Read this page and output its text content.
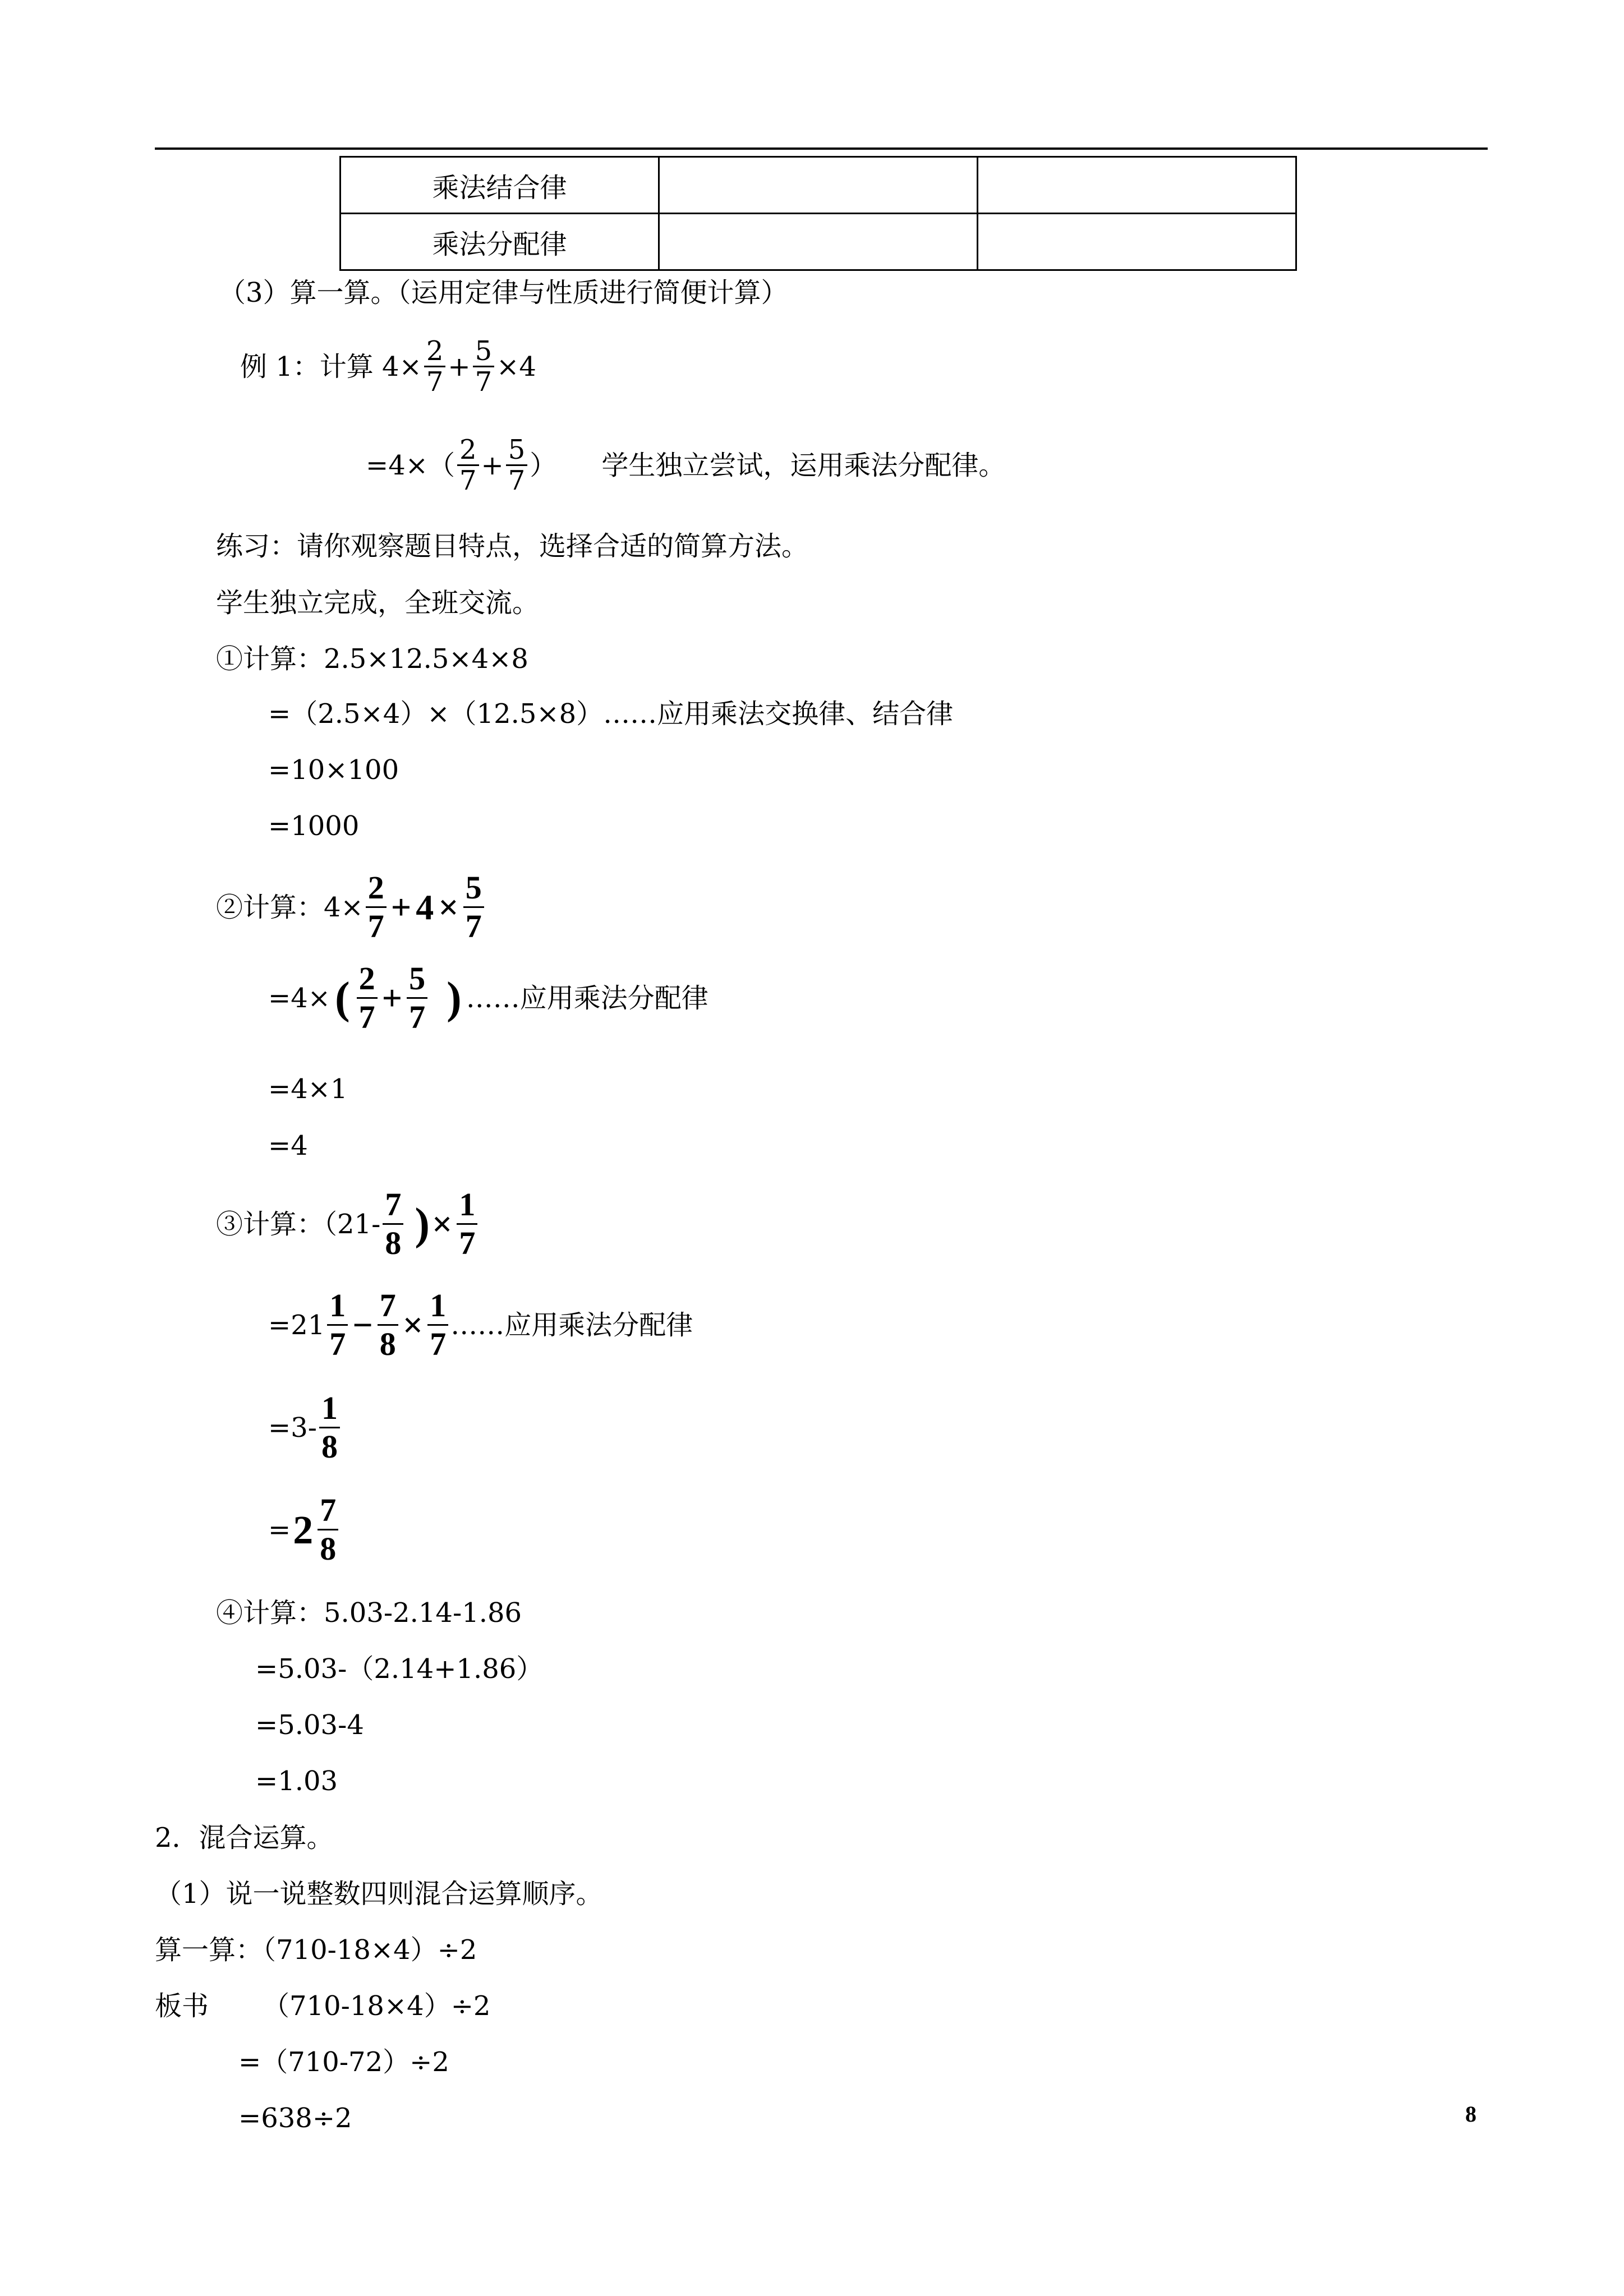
乘法结合律		
乘法分配律		
（3）算一算。（运用定律与性质进行简便计算）
例 1：计算 $4\times \frac{2}{7} + \frac{5}{7} \times 4$
$=4\times( \frac{2}{7} + \frac{5}{7}$ ） 学生独立尝试，运用乘法分配律。
练习：请你观察题目特点，选择合适的简算方法。
学生独立完成，全班交流。
①计算：2.5×12.5×4×8
=（2.5×4）×（12.5×8）……应用乘法交换律、结合律
=10×100
=1000
②计算：$4\times \frac{2}{7} + 4 \times \frac{5}{7}$
=4× ( $\frac{2}{7} + \frac{5}{7}$ ) ……应用乘法分配律
=4×1
=4
③计算：（$21- \frac{7}{8}$ ) × $\frac{1}{7}$
$=21 \frac{1}{7} - \frac{7}{8} \times \frac{1}{7}$ ……应用乘法分配律
$=3- \frac{1}{8}$
= $2 \frac{7}{8}$
④计算：5.03-2.14-1.86
=5.03-（2.14+1.86）
=5.03-4
=1.03
2．混合运算。
（1）说一说整数四则混合运算顺序。
算一算：（710-18×4）÷2
板书 （710-18×4）÷2
=（710-72）÷2
=638÷2	8
